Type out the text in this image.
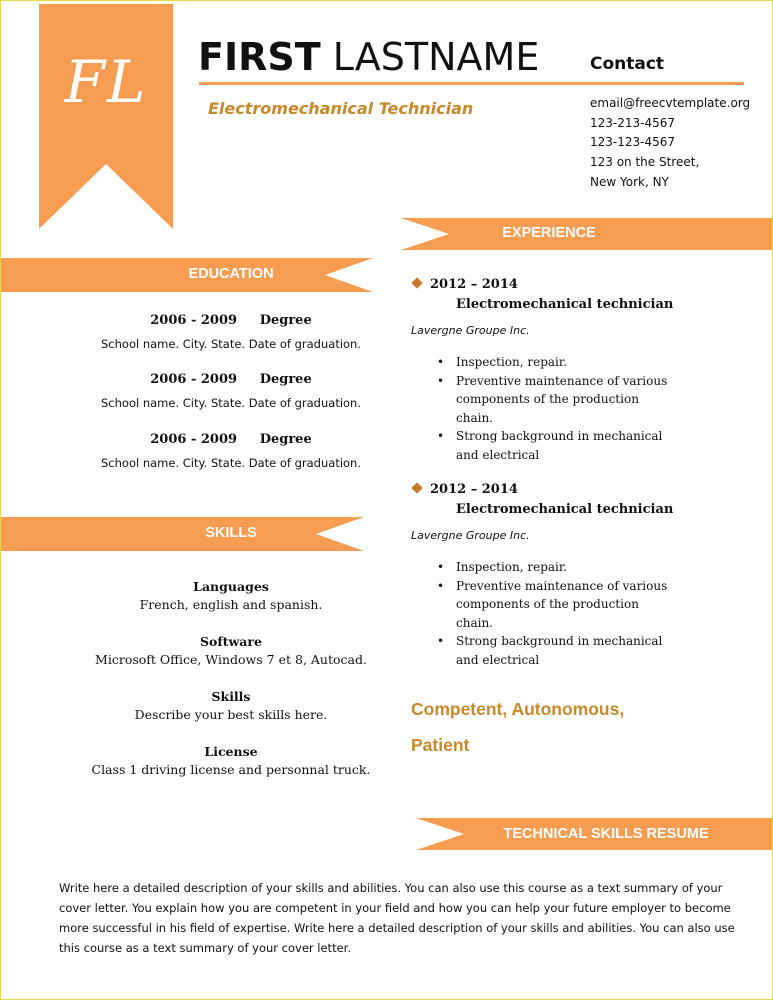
FL	FIRST LASTNAME
Electromechanical Technician
Contact
email@freecvtemplate.org
123-213-4567
123-123-4567
123 on the Street,
New York, NY
EXPERIENCE
EDUCATION
2006 - 2009 Degree
School name. City. State. Date of graduation.
2006 - 2009 Degree
School name. City. State. Date of graduation.
2006 - 2009 Degree
School name. City. State. Date of graduation.
SKILLS
Languages
French, english and spanish.
Software
Microsoft Office, Windows 7 et 8, Autocad.
Skills
Describe your best skills here.
License
Class 1 driving license and personnal truck.
2012 – 2014
Electromechanical technician
Lavergne Groupe Inc.
• Inspection, repair.
• Preventive maintenance of various
components of the production chain.
• Strong background in mechanical
and electrical
2012 – 2014
Electromechanical technician
Lavergne Groupe Inc.
• Inspection, repair.
• Preventive maintenance of various
components of the production chain.
• Strong background in mechanical
and electrical
Competent, Autonomous,
Patient
TECHNICAL SKILLS RESUME
Write here a detailed description of your skills and abilities. You can also use this course as a text summary of your cover letter. You explain how you are competent in your field and how you can help your future employer to become more successful in his field of expertise. Write here a detailed description of your skills and abilities. You can also use this course as a text summary of your cover letter.
